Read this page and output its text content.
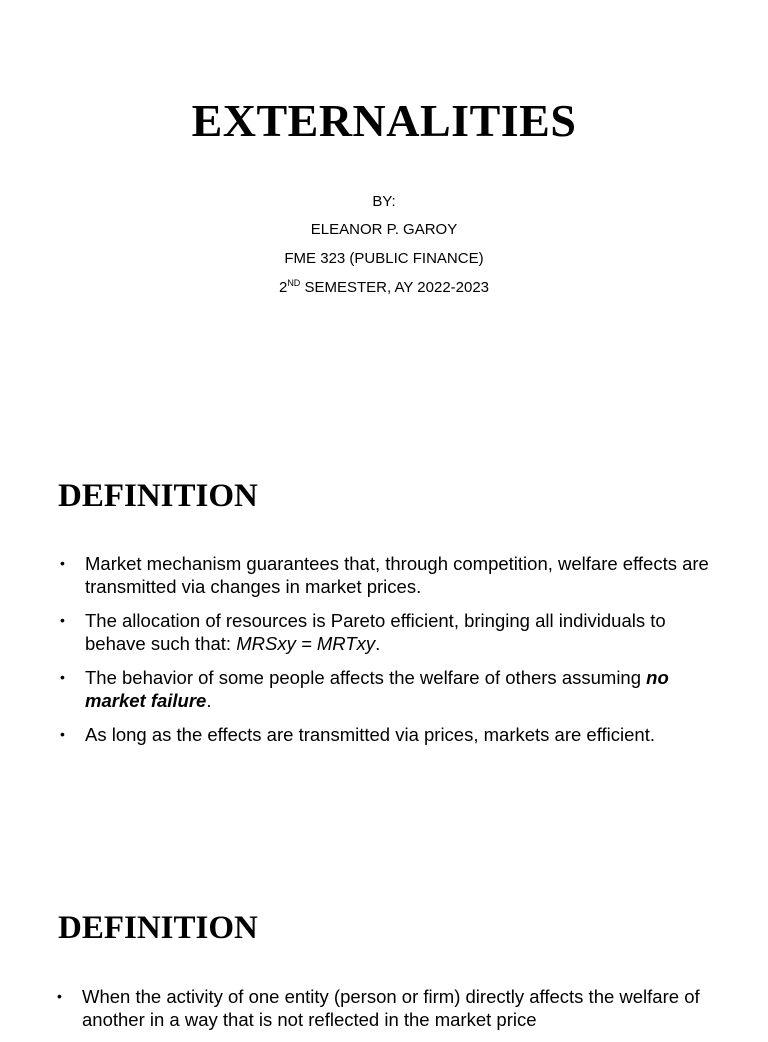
EXTERNALITIES
BY:
ELEANOR P. GAROY
FME 323 (PUBLIC FINANCE)
2ND SEMESTER, AY 2022-2023
DEFINITION
• Market mechanism guarantees that, through competition, welfare effects are transmitted via changes in market prices.
• The allocation of resources is Pareto efficient, bringing all individuals to behave such that: MRSxy = MRTxy.
• The behavior of some people affects the welfare of others assuming no market failure.
• As long as the effects are transmitted via prices, markets are efficient.
DEFINITION
• When the activity of one entity (person or firm) directly affects the welfare of another in a way that is not reflected in the market price
